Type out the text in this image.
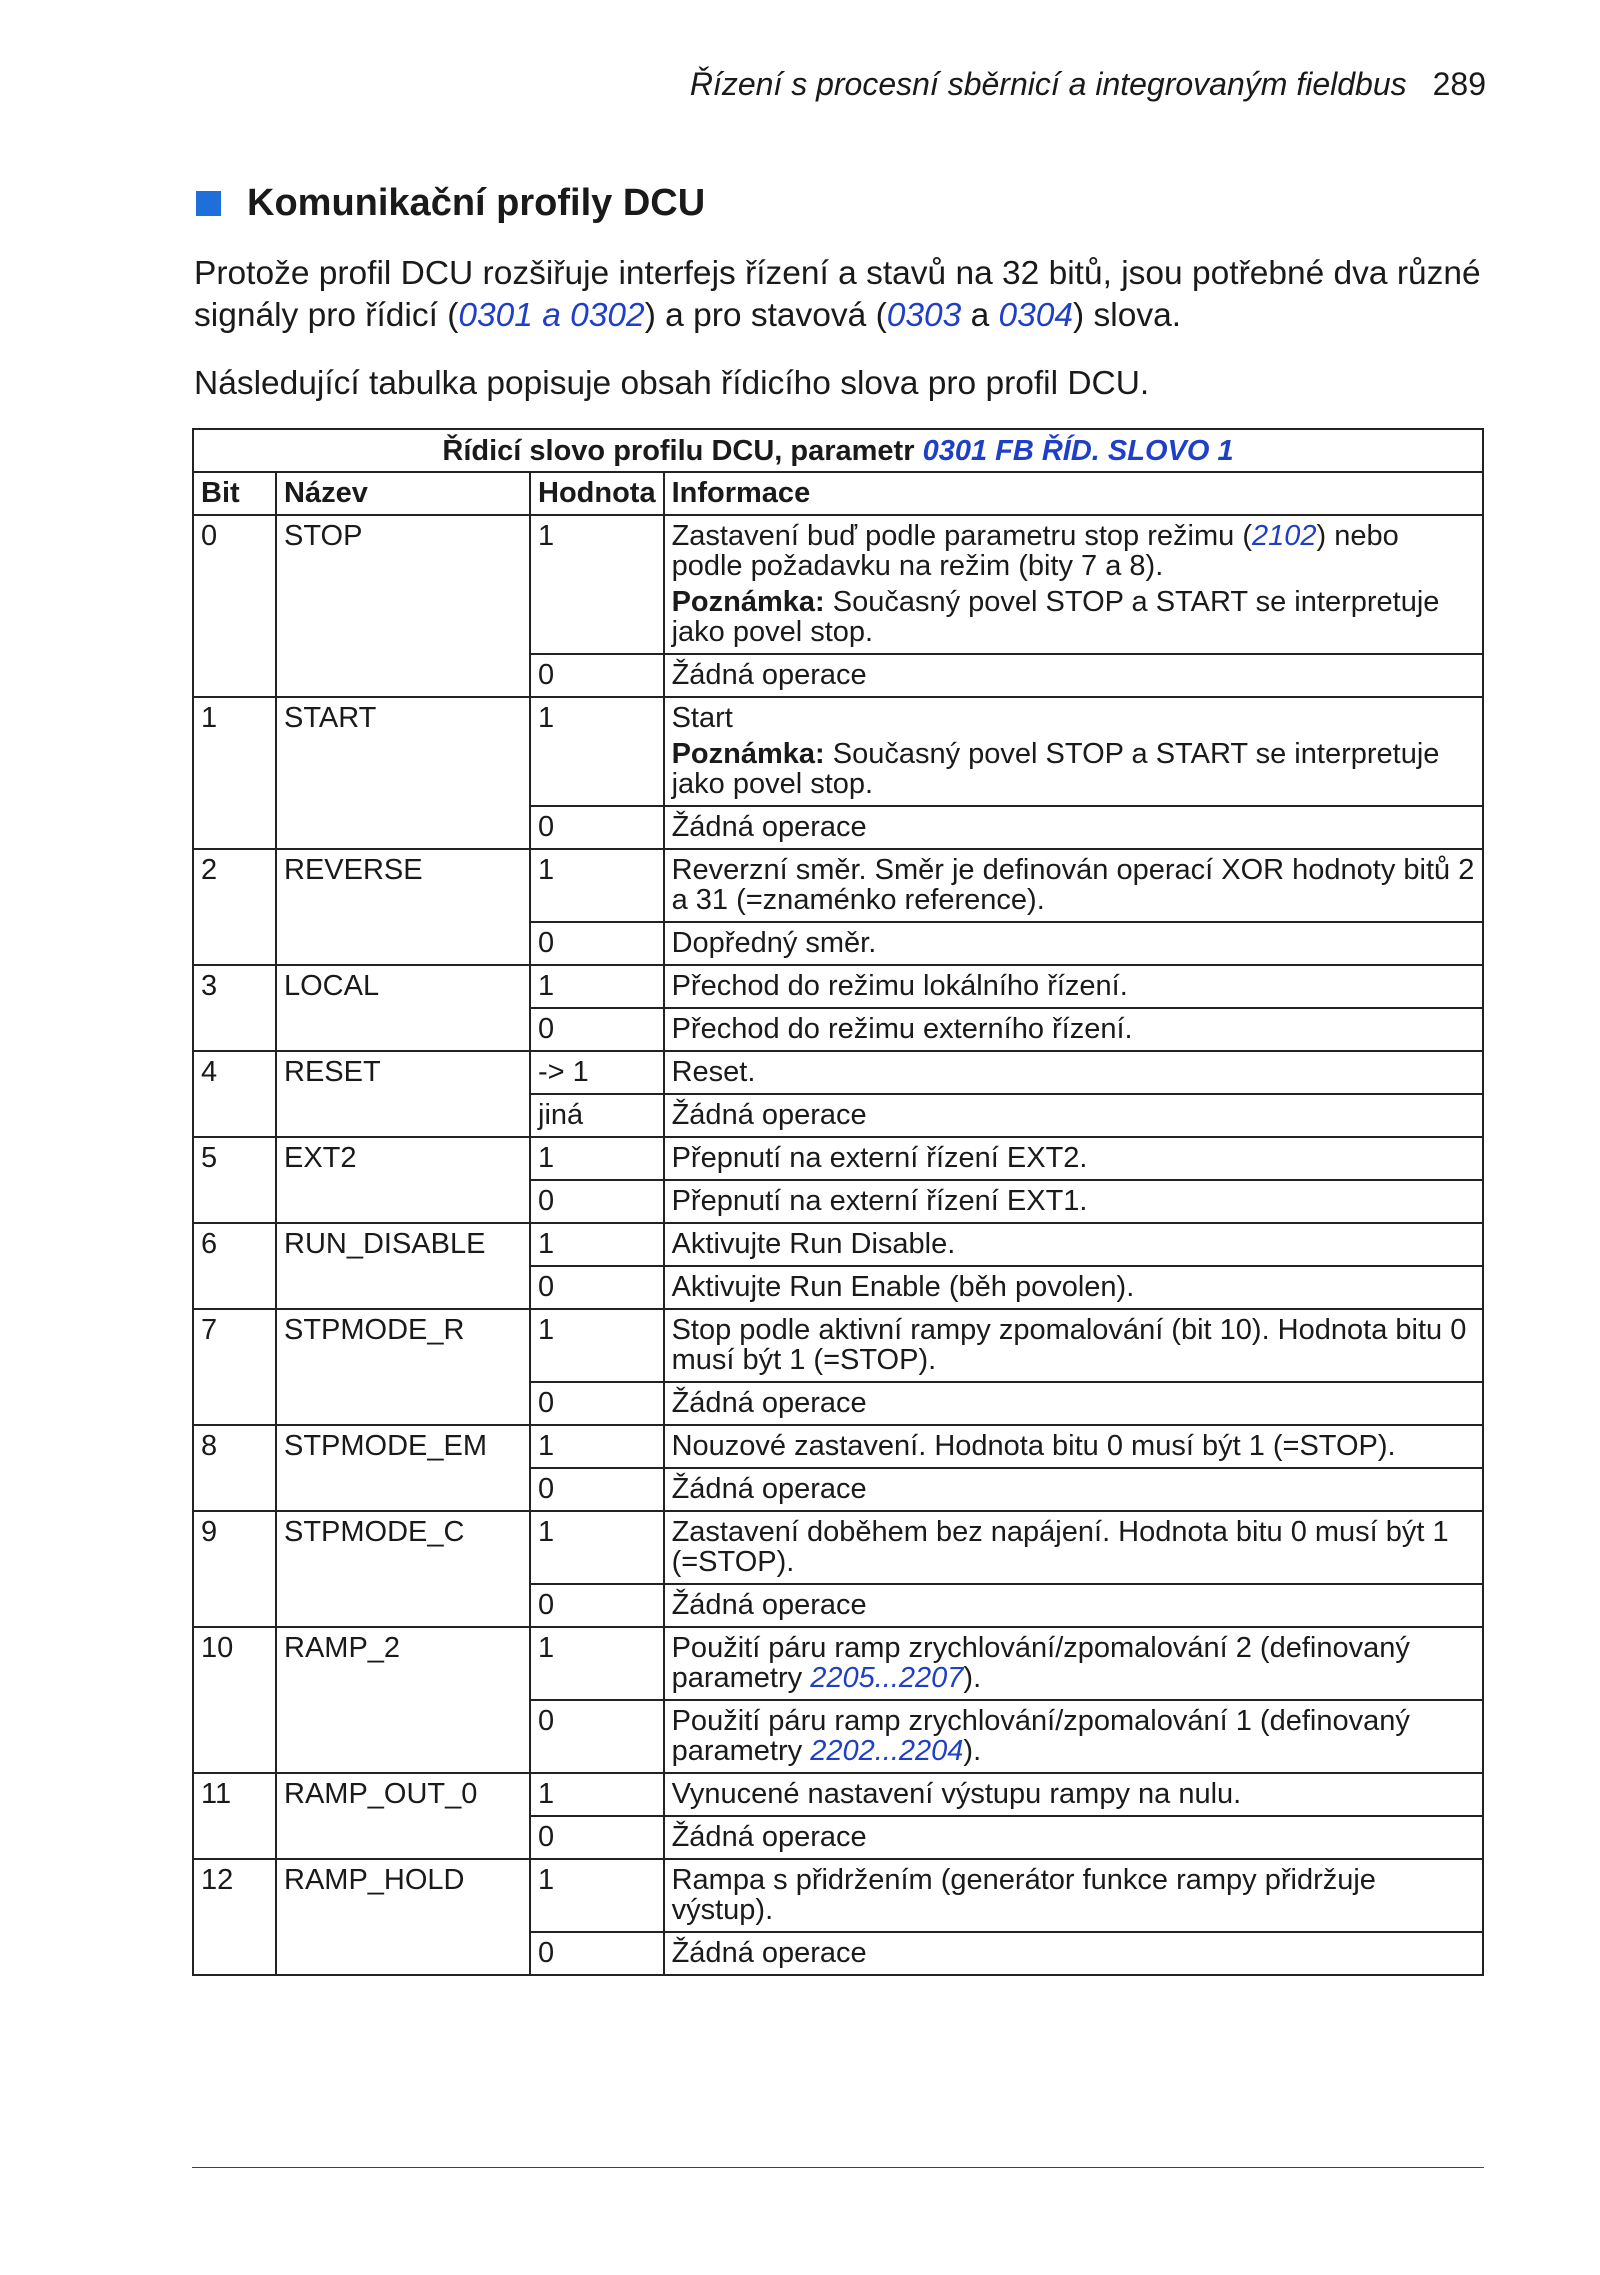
Řízení s procesní sběrnicí a integrovaným fieldbus 289
Komunikační profily DCU
Protože profil DCU rozšiřuje interfejs řízení a stavů na 32 bitů, jsou potřebné dva různé signály pro řídicí (0301 a 0302) a pro stavová (0303 a 0304) slova.
Následující tabulka popisuje obsah řídicího slova pro profil DCU.
Řídicí slovo profilu DCU, parametr 0301 FB ŘÍD. SLOVO 1			
Bit	Název	Hodnota	Informace
0	STOP	1	Zastavení buď podle parametru stop režimu (2102) nebo podle požadavku na režim (bity 7 a 8).
Poznámka: Současný povel STOP a START se interpretuje jako povel stop.

		0	Žádná operace
1	START	1	Start
Poznámka: Současný povel STOP a START se interpretuje jako povel stop.

		0	Žádná operace
2	REVERSE	1	Reverzní směr. Směr je definován operací XOR hodnoty bitů 2 a 31 (=znaménko reference).
		0	Dopředný směr.
3	LOCAL	1	Přechod do režimu lokálního řízení.
		0	Přechod do režimu externího řízení.
4	RESET	-> 1	Reset.
		jiná	Žádná operace
5	EXT2	1	Přepnutí na externí řízení EXT2.
		0	Přepnutí na externí řízení EXT1.
6	RUN_DISABLE	1	Aktivujte Run Disable.
		0	Aktivujte Run Enable (běh povolen).
7	STPMODE_R	1	Stop podle aktivní rampy zpomalování (bit 10). Hodnota bitu 0 musí být 1 (=STOP).
		0	Žádná operace
8	STPMODE_EM	1	Nouzové zastavení. Hodnota bitu 0 musí být 1 (=STOP).
		0	Žádná operace
9	STPMODE_C	1	Zastavení doběhem bez napájení. Hodnota bitu 0 musí být 1 (=STOP).
		0	Žádná operace
10	RAMP_2	1	Použití páru ramp zrychlování/zpomalování 2 (definovaný parametry 2205...2207).
		0	Použití páru ramp zrychlování/zpomalování 1 (definovaný parametry 2202...2204).
11	RAMP_OUT_0	1	Vynucené nastavení výstupu rampy na nulu.
		0	Žádná operace
12	RAMP_HOLD	1	Rampa s přidržením (generátor funkce rampy přidržuje výstup).
		0	Žádná operace
